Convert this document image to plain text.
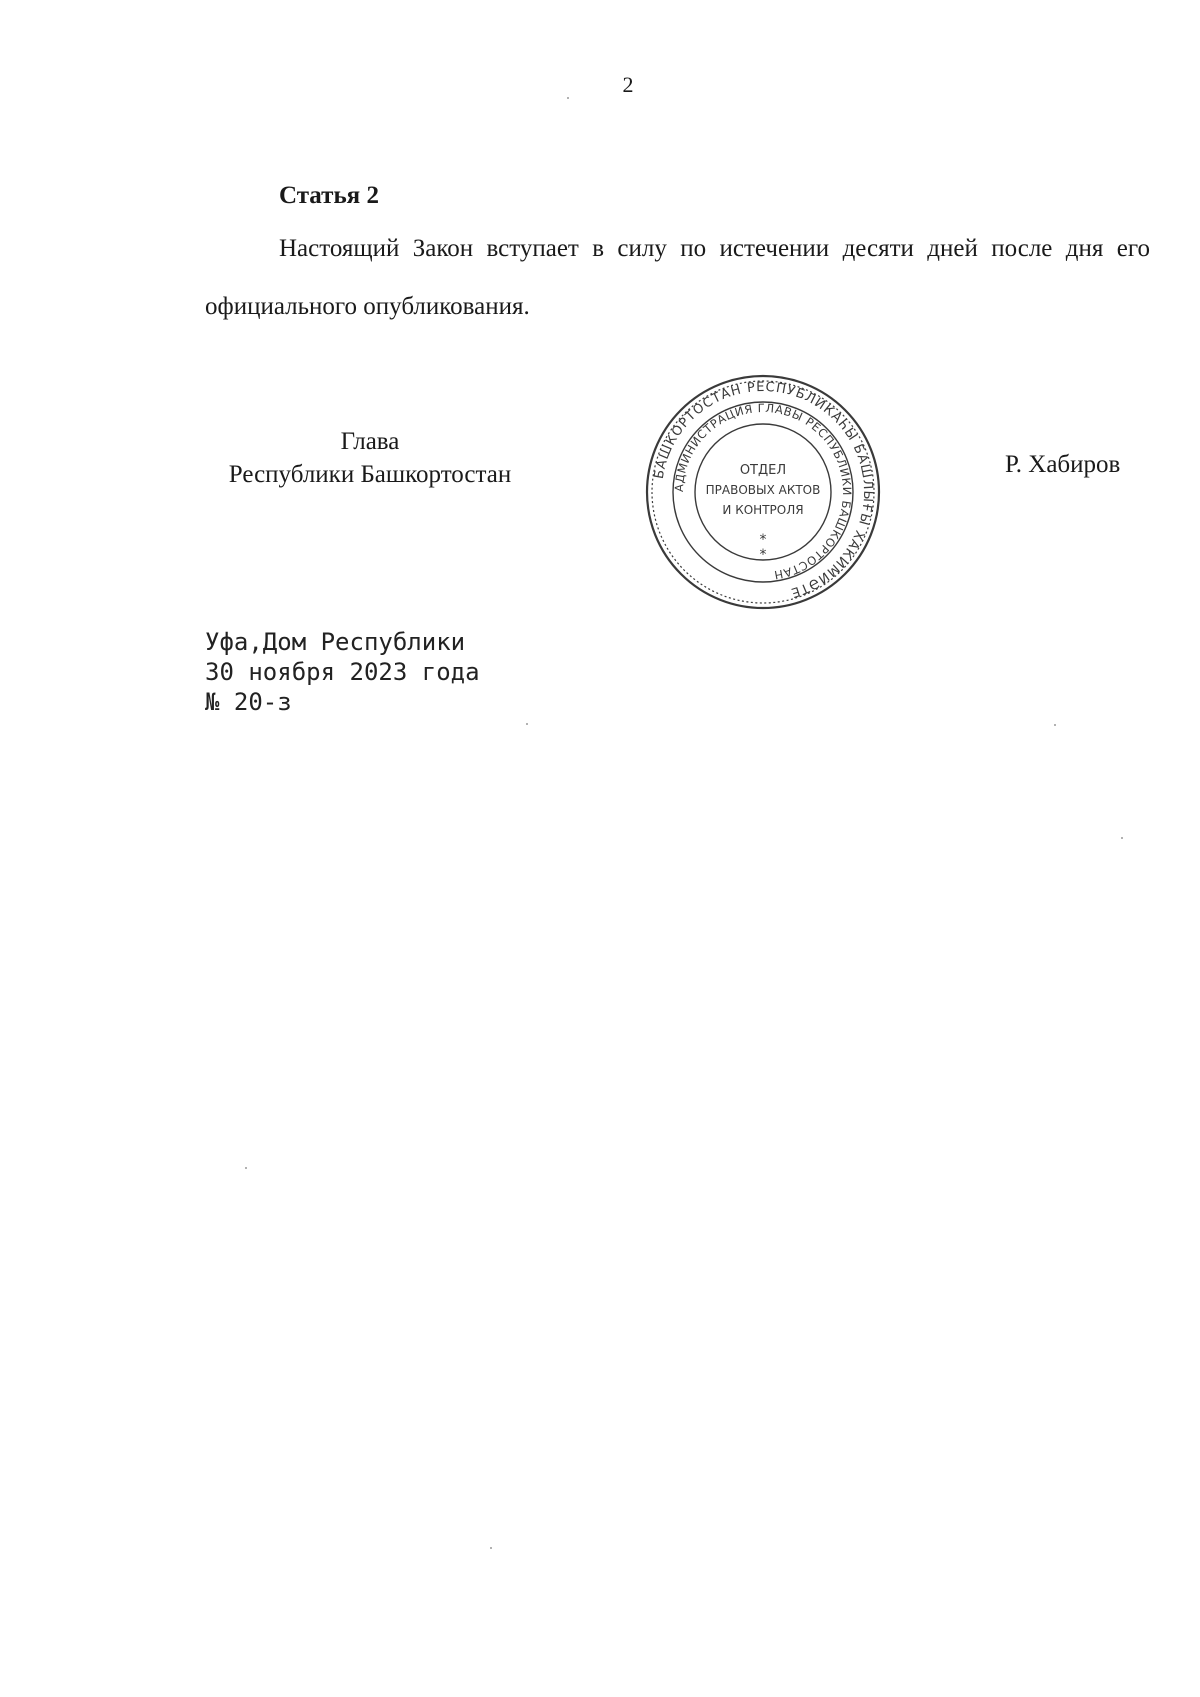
2
Статья 2
Настоящий Закон вступает в силу по истечении десяти дней после дня его официального опубликования.
Глава
Республики Башкортостан	БАШКОРТОСТАН РЕСПУБЛИКАҺЫ БАШЛЫҒЫ ХАКИМИӘТЕ
АДМИНИСТРАЦИЯ ГЛАВЫ РЕСПУБЛИКИ БАШКОРТОСТАН
ОТДЕЛ
ПРАВОВЫХ АКТОВ
И КОНТРОЛЯ
*
*
Р. Хабиров
Уфа,Дом Республики
30 ноября 2023 года
№ 20-з
